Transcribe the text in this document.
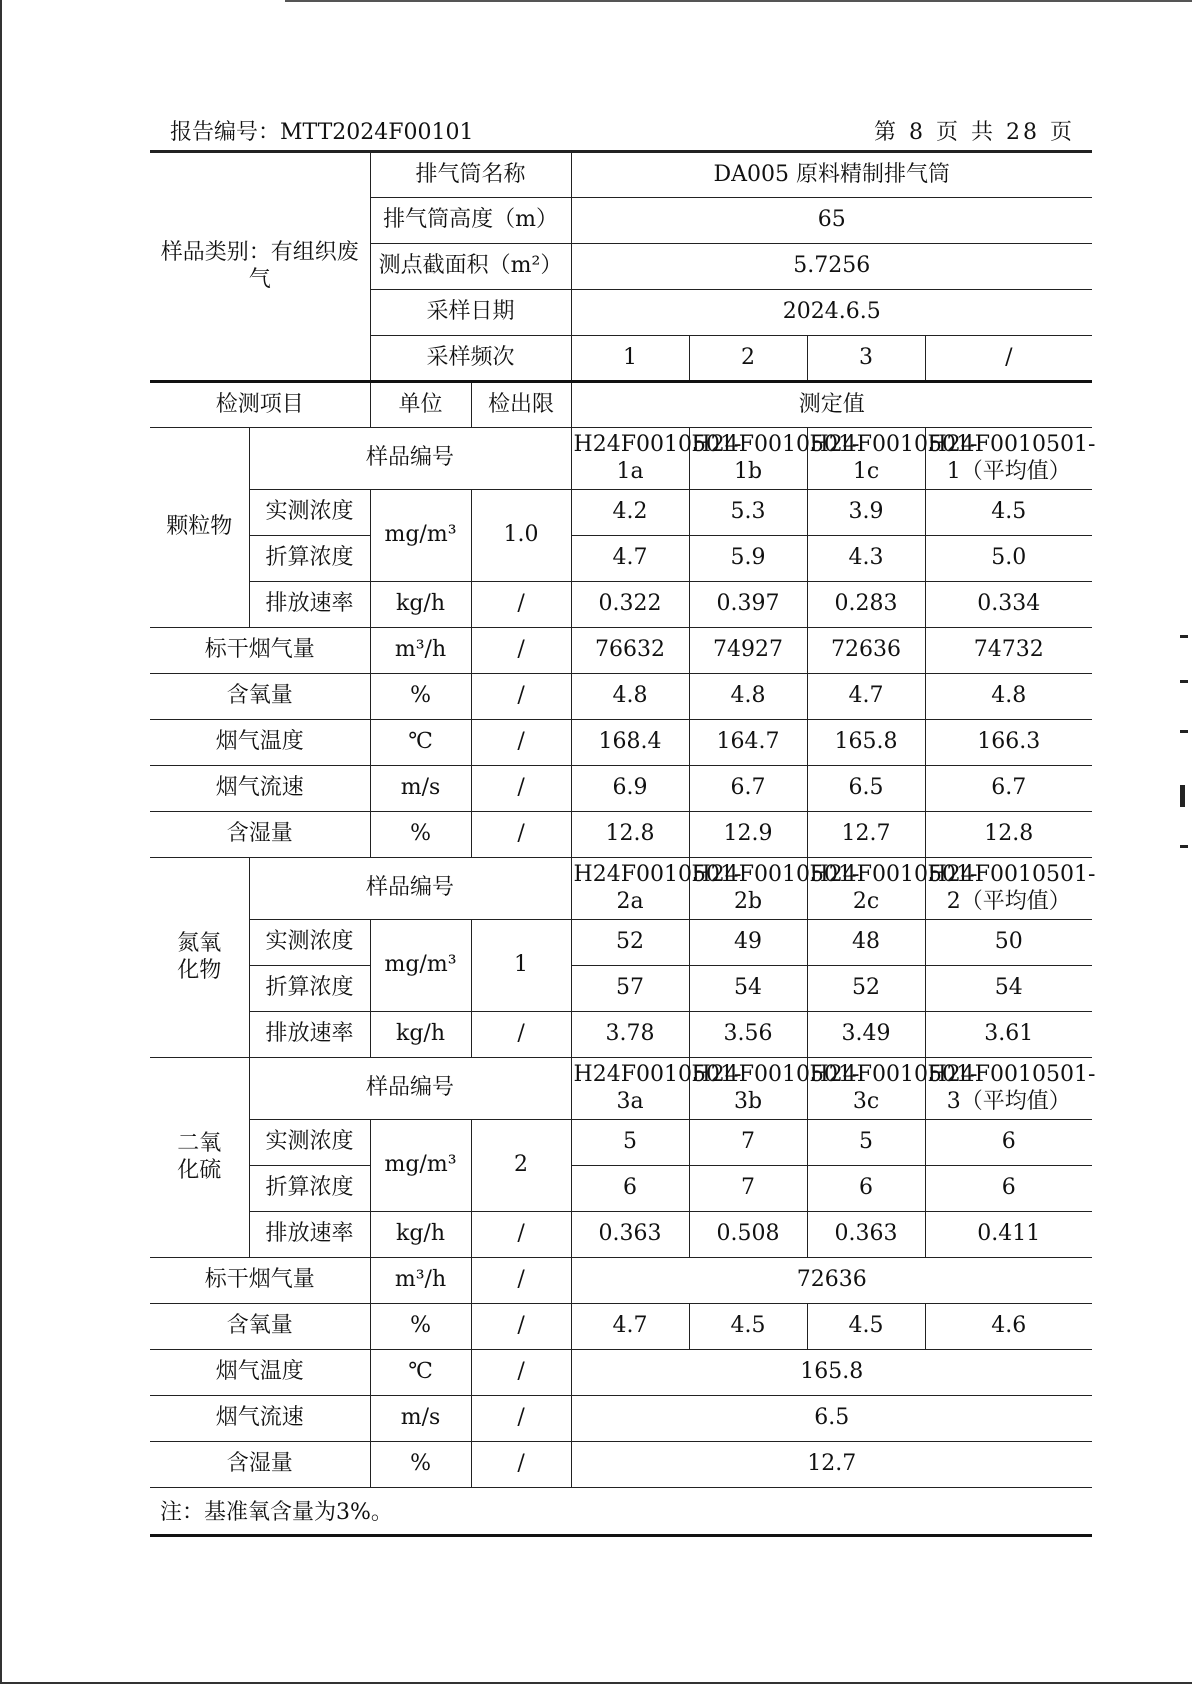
报告编号：MTT2024F00101	第 8 页 共 28 页
样品类别：有组织废气		排气筒名称		DA005 原料精制排气筒			
		排气筒高度（m）		65			
		测点截面积（m²）		5.7256			
		采样日期		2024.6.5			
		采样频次		1	2	3	/
检测项目		单位	检出限	测定值			
颗粒物	样品编号			H24F0010501-1a	H24F0010501-1b	H24F0010501-1c	H24F0010501-1（平均值）
	实测浓度	mg/m³	1.0	4.2	5.3	3.9	4.5
	折算浓度			4.7	5.9	4.3	5.0
	排放速率	kg/h	/	0.322	0.397	0.283	0.334
标干烟气量		m³/h	/	76632	74927	72636	74732
含氧量		%	/	4.8	4.8	4.7	4.8
烟气温度		℃	/	168.4	164.7	165.8	166.3
烟气流速		m/s	/	6.9	6.7	6.5	6.7
含湿量		%	/	12.8	12.9	12.7	12.8
氮氧化物	样品编号			H24F0010501-2a	H24F0010501-2b	H24F0010501-2c	H24F0010501-2（平均值）
	实测浓度	mg/m³	1	52	49	48	50
	折算浓度			57	54	52	54
	排放速率	kg/h	/	3.78	3.56	3.49	3.61
二氧化硫	样品编号			H24F0010501-3a	H24F0010501-3b	H24F0010501-3c	H24F0010501-3（平均值）
	实测浓度	mg/m³	2	5	7	5	6
	折算浓度			6	7	6	6
	排放速率	kg/h	/	0.363	0.508	0.363	0.411
标干烟气量		m³/h	/	72636			
含氧量		%	/	4.7	4.5	4.5	4.6
烟气温度		℃	/	165.8			
烟气流速		m/s	/	6.5			
含湿量		%	/	12.7			
注：基准氧含量为3%。							
